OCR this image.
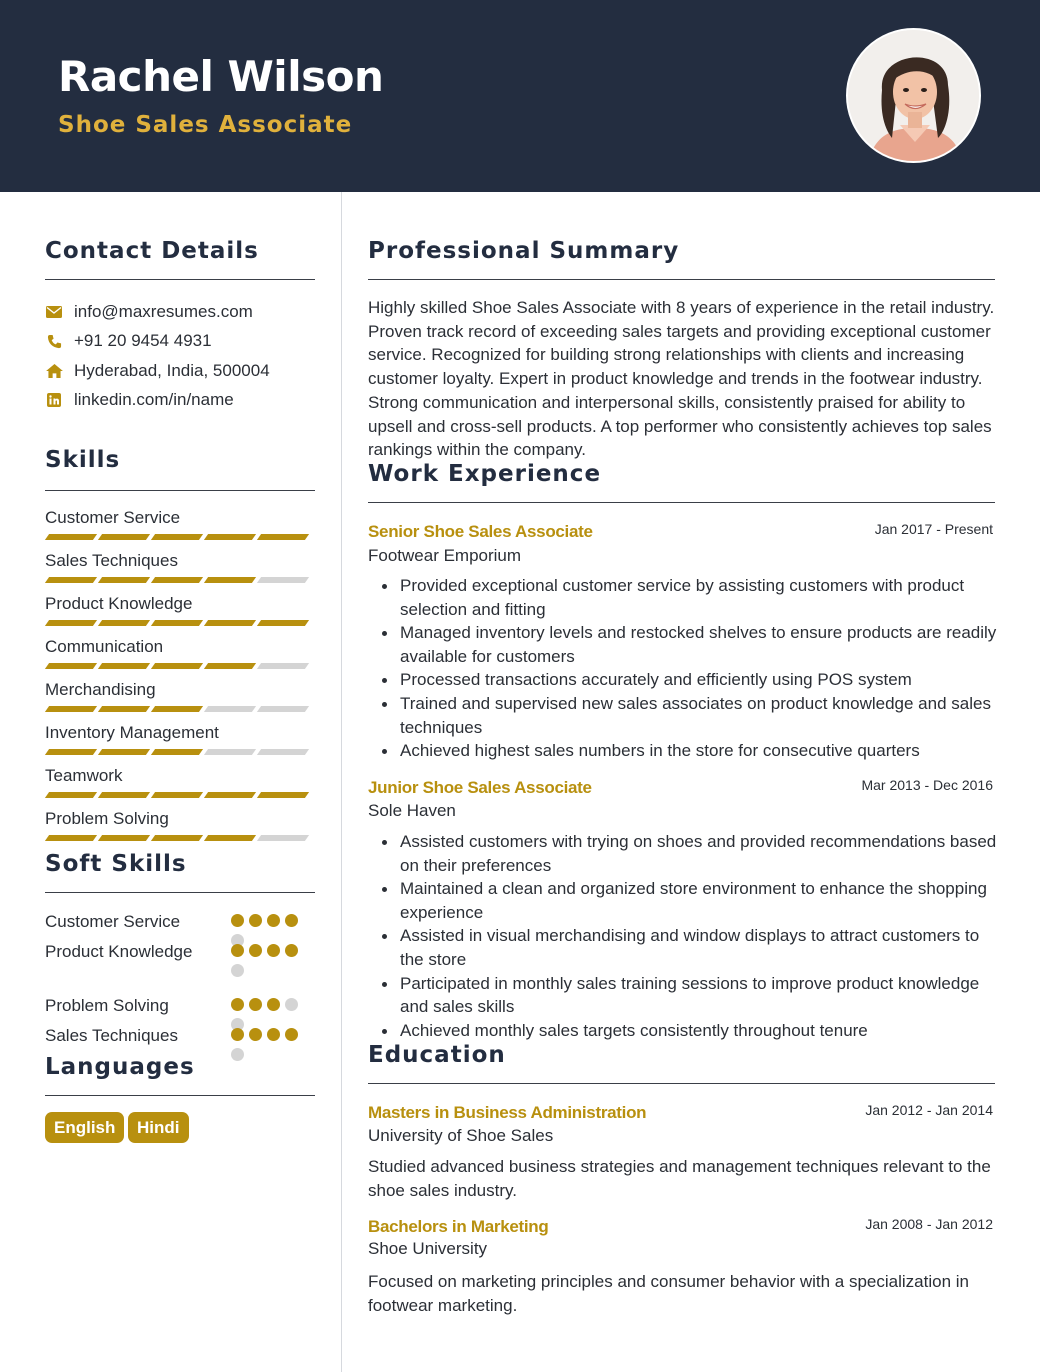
Rachel Wilson
Shoe Sales Associate
Contact Details
info@maxresumes.com
+91 20 9454 4931
Hyderabad, India, 500004
linkedin.com/in/name
Skills
Customer Service
Sales Techniques
Product Knowledge
Communication
Merchandising
Inventory Management
Teamwork
Problem Solving
Soft Skills
Customer Service
Product Knowledge
Problem Solving
Sales Techniques
Languages
English	Hindi
Professional Summary
Highly skilled Shoe Sales Associate with 8 years of experience in the retail industry. Proven track record of exceeding sales targets and providing exceptional customer service. Recognized for building strong relationships with clients and increasing customer loyalty. Expert in product knowledge and trends in the footwear industry. Strong communication and interpersonal skills, consistently praised for ability to upsell and cross-sell products. A top performer who consistently achieves top sales rankings within the company.
Work Experience
Senior Shoe Sales Associate	Jan 2017 - Present
Footwear Emporium
Provided exceptional customer service by assisting customers with product selection and fitting
Managed inventory levels and restocked shelves to ensure products are readily available for customers
Processed transactions accurately and efficiently using POS system
Trained and supervised new sales associates on product knowledge and sales techniques
Achieved highest sales numbers in the store for consecutive quarters
Junior Shoe Sales Associate	Mar 2013 - Dec 2016
Sole Haven
Assisted customers with trying on shoes and provided recommendations based on their preferences
Maintained a clean and organized store environment to enhance the shopping experience
Assisted in visual merchandising and window displays to attract customers to the store
Participated in monthly sales training sessions to improve product knowledge and sales skills
Achieved monthly sales targets consistently throughout tenure
Education
Masters in Business Administration	Jan 2012 - Jan 2014
University of Shoe Sales
Studied advanced business strategies and management techniques relevant to the shoe sales industry.
Bachelors in Marketing	Jan 2008 - Jan 2012
Shoe University
Focused on marketing principles and consumer behavior with a specialization in footwear marketing.
